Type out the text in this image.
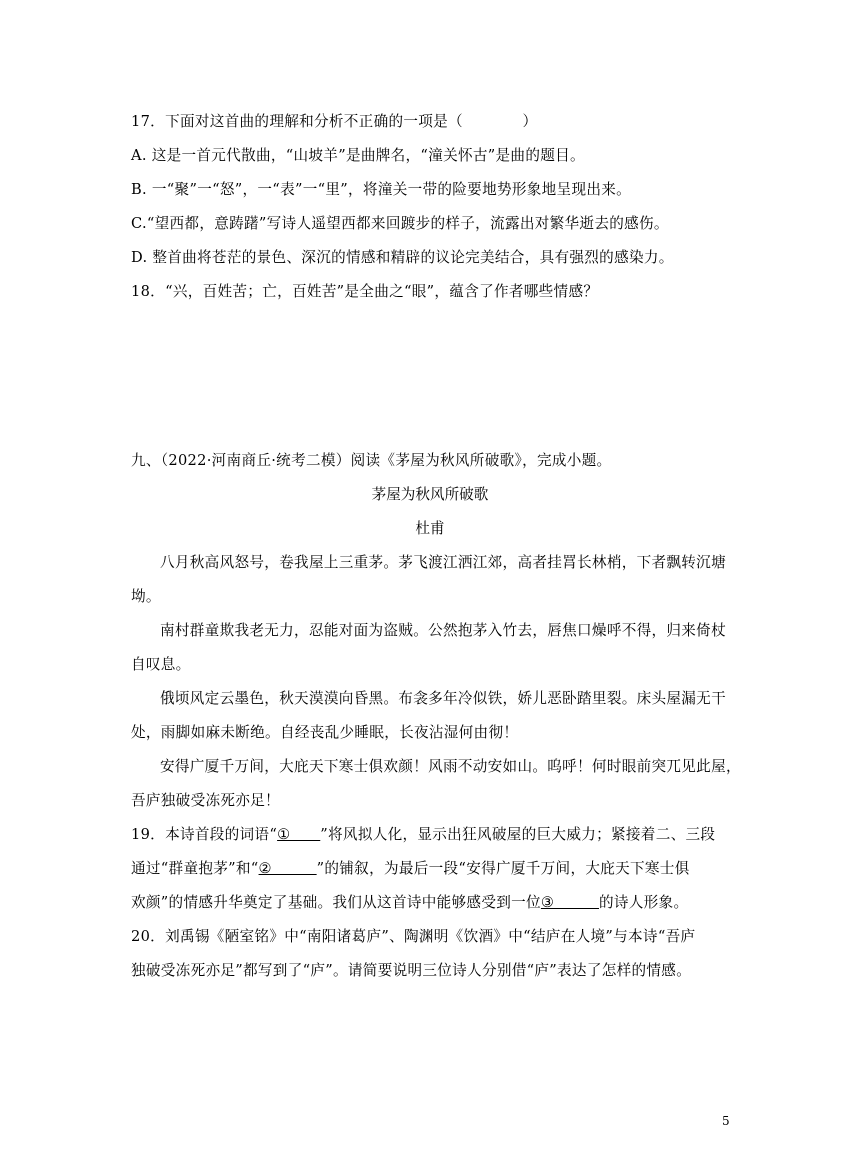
17．下面对这首曲的理解和分析不正确的一项是（　　　　）
A. 这是一首元代散曲，“山坡羊”是曲牌名，“潼关怀古”是曲的题目。
B. 一“聚”一“怒”，一“表”一“里”，将潼关一带的险要地势形象地呈现出来。
C.“望西都，意踌躇”写诗人遥望西都来回踱步的样子，流露出对繁华逝去的感伤。
D. 整首曲将苍茫的景色、深沉的情感和精辟的议论完美结合，具有强烈的感染力。
18．“兴，百姓苦；亡，百姓苦”是全曲之“眼”，蕴含了作者哪些情感？
九、（2022·河南商丘·统考二模）阅读《茅屋为秋风所破歌》，完成小题。
茅屋为秋风所破歌
杜甫
八月秋高风怒号，卷我屋上三重茅。茅飞渡江洒江郊，高者挂罥长林梢，下者飘转沉塘
坳。
南村群童欺我老无力，忍能对面为盗贼。公然抱茅入竹去，唇焦口燥呼不得，归来倚杖
自叹息。
俄顷风定云墨色，秋天漠漠向昏黑。布衾多年冷似铁，娇儿恶卧踏里裂。床头屋漏无干
处，雨脚如麻未断绝。自经丧乱少睡眠，长夜沾湿何由彻！
安得广厦千万间，大庇天下寒士俱欢颜！风雨不动安如山。呜呼！何时眼前突兀见此屋，
吾庐独破受冻死亦足！
19．本诗首段的词语“①　　”将风拟人化，显示出狂风破屋的巨大威力；紧接着二、三段
通过“群童抱茅”和“②　　　”的铺叙，为最后一段“安得广厦千万间，大庇天下寒士俱
欢颜”的情感升华奠定了基础。我们从这首诗中能够感受到一位③　　　的诗人形象。
20．刘禹锡《陋室铭》中“南阳诸葛庐”、陶渊明《饮酒》中“结庐在人境”与本诗“吾庐
独破受冻死亦足”都写到了“庐”。请简要说明三位诗人分别借“庐”表达了怎样的情感。
5
